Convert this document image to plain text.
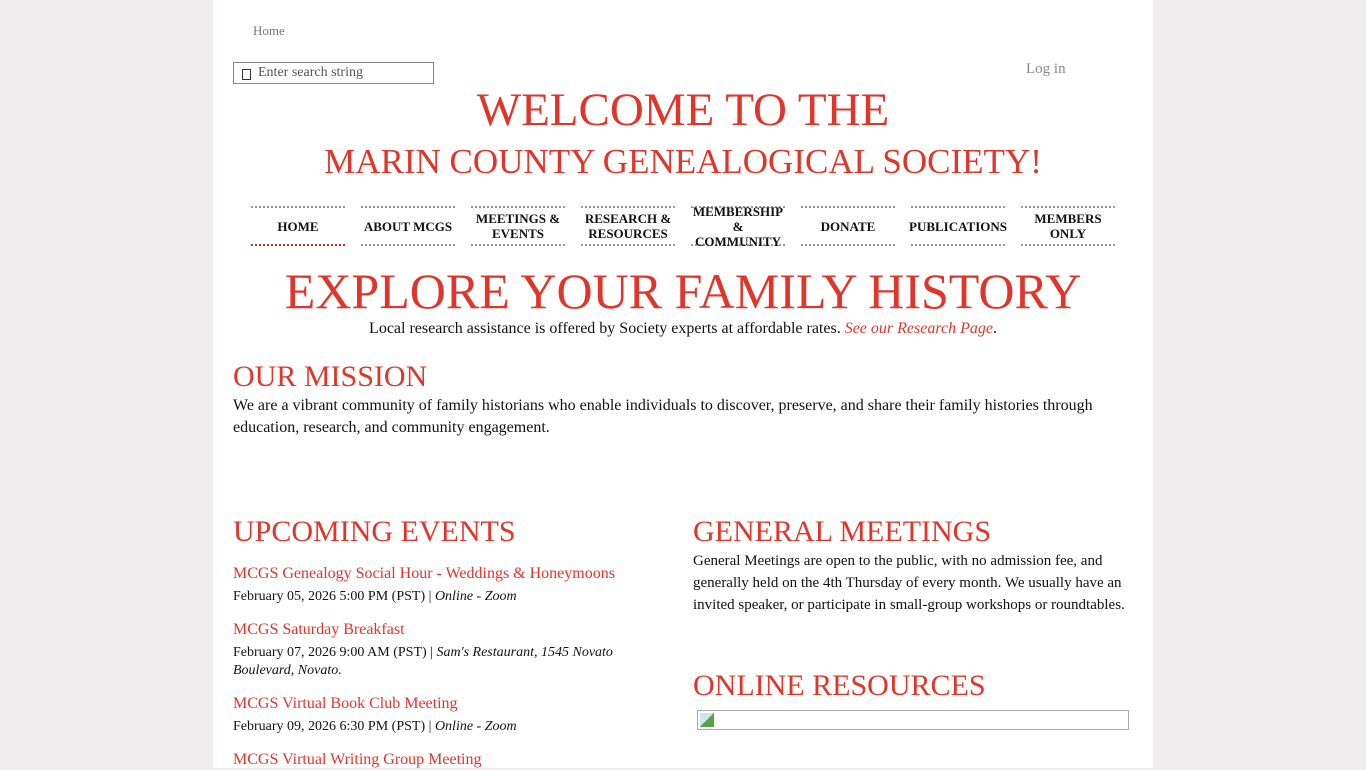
Home
Enter search string
Log in
WELCOME TO THE
MARIN COUNTY GENEALOGICAL SOCIETY!
HOME	ABOUT MCGS	MEETINGS & EVENTS
RESEARCH & RESOURCES
MEMBERSHIP & COMMUNITY
DONATE	PUBLICATIONS	MEMBERS ONLY
EXPLORE YOUR FAMILY HISTORY
Local research assistance is offered by Society experts at affordable rates. See our Research Page.
OUR MISSION
We are a vibrant community of family historians who enable individuals to discover, preserve, and share their family histories through education, research, and community engagement.
UPCOMING EVENTS
MCGS Genealogy Social Hour - Weddings & Honeymoons
February 05, 2026 5:00 PM (PST) | Online - Zoom
MCGS Saturday Breakfast
February 07, 2026 9:00 AM (PST) | Sam's Restaurant, 1545 Novato Boulevard, Novato.
MCGS Virtual Book Club Meeting
February 09, 2026 6:30 PM (PST) | Online - Zoom
MCGS Virtual Writing Group Meeting
GENERAL MEETINGS
General Meetings are open to the public, with no admission fee, and generally held on the 4th Thursday of every month. We usually have an invited speaker, or participate in small-group workshops or roundtables.
ONLINE RESOURCES
